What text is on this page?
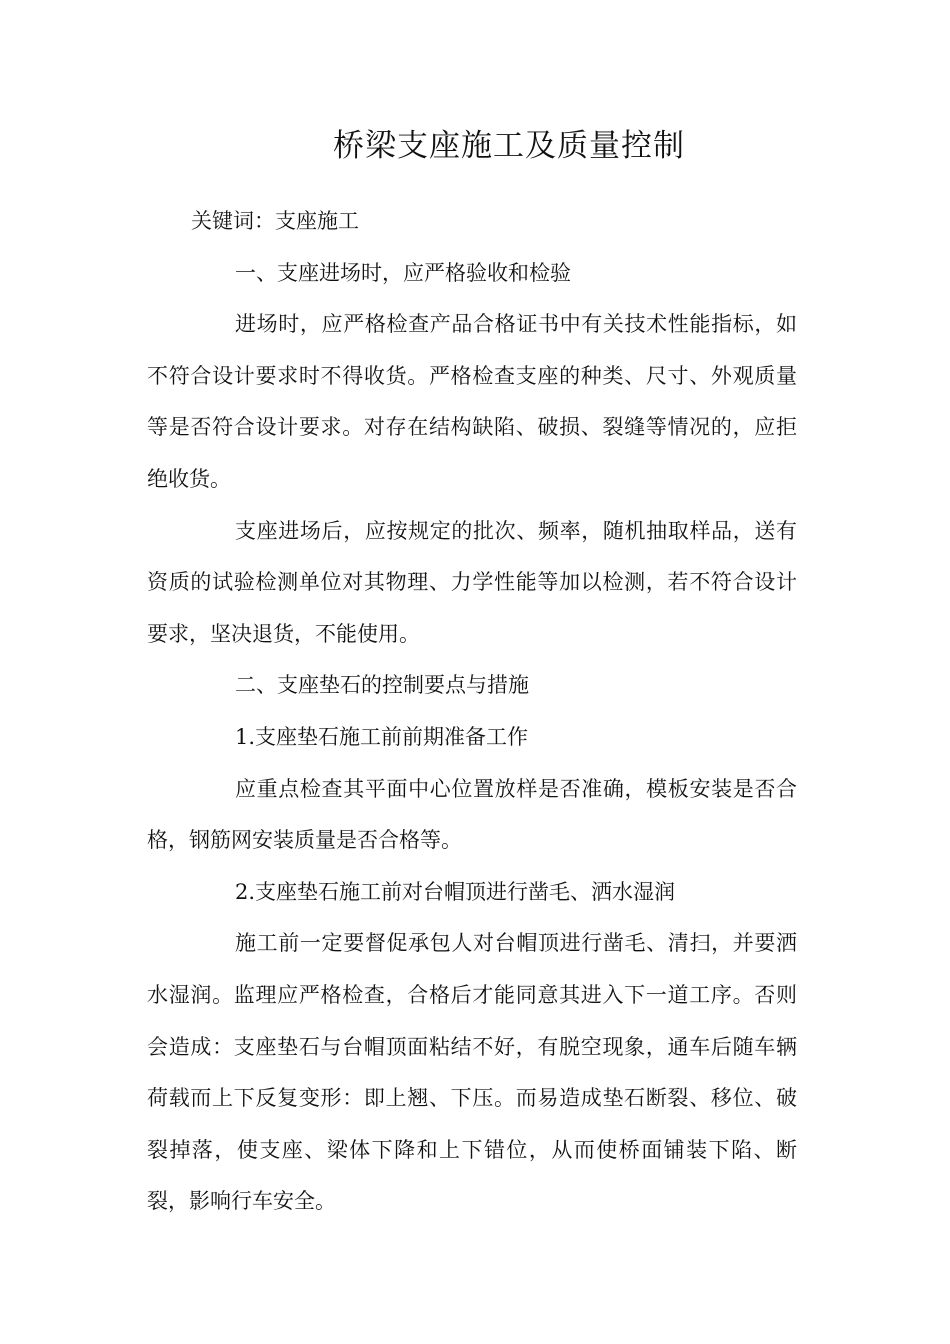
桥梁支座施工及质量控制

关键词：支座施工

一、支座进场时，应严格验收和检验

进场时，应严格检查产品合格证书中有关技术性能指标，如不符合设计要求时不得收货。严格检查支座的种类、尺寸、外观质量等是否符合设计要求。对存在结构缺陷、破损、裂缝等情况的，应拒绝收货。

支座进场后，应按规定的批次、频率，随机抽取样品，送有资质的试验检测单位对其物理、力学性能等加以检测，若不符合设计要求，坚决退货，不能使用。

二、支座垫石的控制要点与措施

1.支座垫石施工前前期准备工作

应重点检查其平面中心位置放样是否准确，模板安装是否合格，钢筋网安装质量是否合格等。

2.支座垫石施工前对台帽顶进行凿毛、洒水湿润

施工前一定要督促承包人对台帽顶进行凿毛、清扫，并要洒水湿润。监理应严格检查，合格后才能同意其进入下一道工序。否则会造成：支座垫石与台帽顶面粘结不好，有脱空现象，通车后随车辆荷载而上下反复变形：即上翘、下压。而易造成垫石断裂、移位、破裂掉落，使支座、梁体下降和上下错位，从而使桥面铺装下陷、断裂，影响行车安全。
